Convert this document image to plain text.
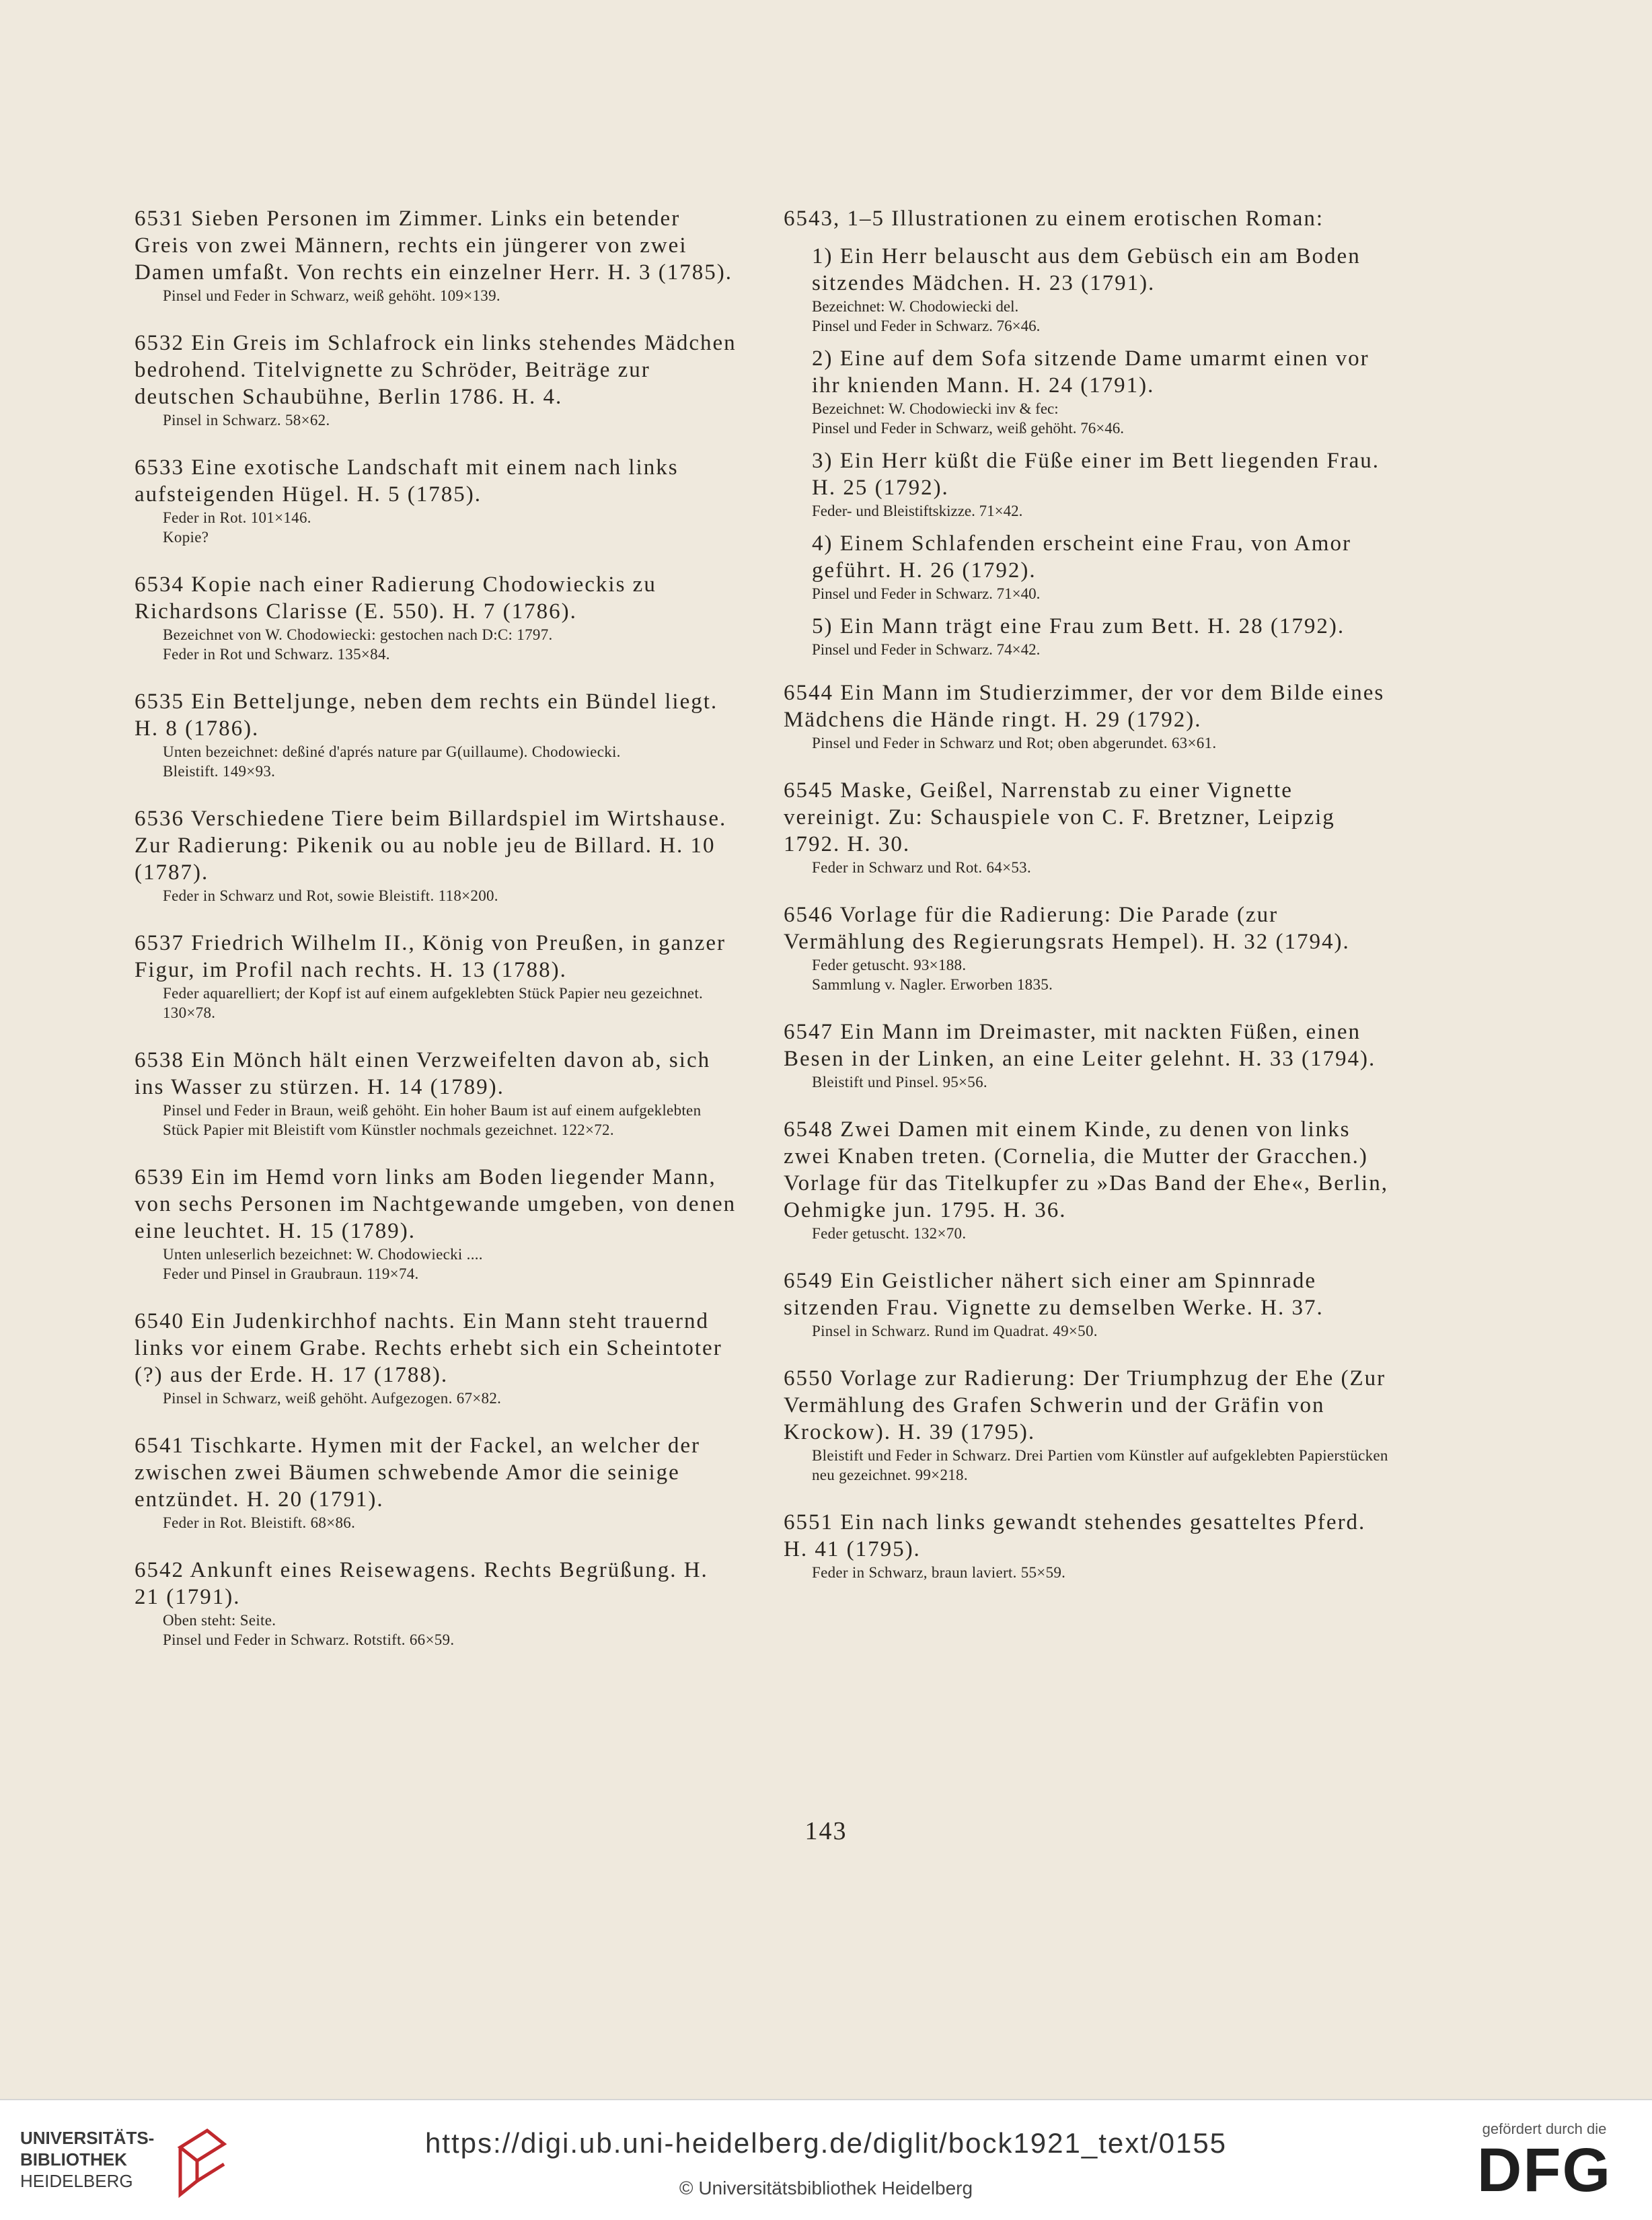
6531 Sieben Personen im Zimmer. Links ein betender Greis von zwei Männern, rechts ein jüngerer von zwei Damen umfaßt. Von rechts ein einzelner Herr. H. 3 (1785).

Pinsel und Feder in Schwarz, weiß gehöht. 109×139.

6532 Ein Greis im Schlafrock ein links stehendes Mädchen bedrohend. Titelvignette zu Schröder, Beiträge zur deutschen Schaubühne, Berlin 1786. H. 4.

Pinsel in Schwarz. 58×62.

6533 Eine exotische Landschaft mit einem nach links aufsteigenden Hügel. H. 5 (1785).

Feder in Rot. 101×146.

Kopie?

6534 Kopie nach einer Radierung Chodowieckis zu Richardsons Clarisse (E. 550). H. 7 (1786).

Bezeichnet von W. Chodowiecki: gestochen nach D:C: 1797.

Feder in Rot und Schwarz. 135×84.

6535 Ein Betteljunge, neben dem rechts ein Bündel liegt. H. 8 (1786).

Unten bezeichnet: deßiné d'aprés nature par G(uillaume). Chodowiecki.

Bleistift. 149×93.

6536 Verschiedene Tiere beim Billardspiel im Wirtshause. Zur Radierung: Pikenik ou au noble jeu de Billard. H. 10 (1787).

Feder in Schwarz und Rot, sowie Bleistift. 118×200.

6537 Friedrich Wilhelm II., König von Preußen, in ganzer Figur, im Profil nach rechts. H. 13 (1788).

Feder aquarelliert; der Kopf ist auf einem aufgeklebten Stück Papier neu gezeichnet. 130×78.

6538 Ein Mönch hält einen Verzweifelten davon ab, sich ins Wasser zu stürzen. H. 14 (1789).

Pinsel und Feder in Braun, weiß gehöht. Ein hoher Baum ist auf einem aufgeklebten Stück Papier mit Bleistift vom Künstler nochmals gezeichnet. 122×72.

6539 Ein im Hemd vorn links am Boden liegender Mann, von sechs Personen im Nachtgewande umgeben, von denen eine leuchtet. H. 15 (1789).

Unten unleserlich bezeichnet: W. Chodowiecki ....

Feder und Pinsel in Graubraun. 119×74.

6540 Ein Judenkirchhof nachts. Ein Mann steht trauernd links vor einem Grabe. Rechts erhebt sich ein Scheintoter (?) aus der Erde. H. 17 (1788).

Pinsel in Schwarz, weiß gehöht. Aufgezogen. 67×82.

6541 Tischkarte. Hymen mit der Fackel, an welcher der zwischen zwei Bäumen schwebende Amor die seinige entzündet. H. 20 (1791).

Feder in Rot. Bleistift. 68×86.

6542 Ankunft eines Reisewagens. Rechts Begrüßung. H. 21 (1791).

Oben steht: Seite.

Pinsel und Feder in Schwarz. Rotstift. 66×59.

6543, 1–5 Illustrationen zu einem erotischen Roman:

1) Ein Herr belauscht aus dem Gebüsch ein am Boden sitzendes Mädchen. H. 23 (1791).

Bezeichnet: W. Chodowiecki del.

Pinsel und Feder in Schwarz. 76×46.

2) Eine auf dem Sofa sitzende Dame umarmt einen vor ihr knienden Mann. H. 24 (1791).

Bezeichnet: W. Chodowiecki inv & fec:

Pinsel und Feder in Schwarz, weiß gehöht. 76×46.

3) Ein Herr küßt die Füße einer im Bett liegenden Frau. H. 25 (1792).

Feder- und Bleistiftskizze. 71×42.

4) Einem Schlafenden erscheint eine Frau, von Amor geführt. H. 26 (1792).

Pinsel und Feder in Schwarz. 71×40.

5) Ein Mann trägt eine Frau zum Bett. H. 28 (1792).

Pinsel und Feder in Schwarz. 74×42.

6544 Ein Mann im Studierzimmer, der vor dem Bilde eines Mädchens die Hände ringt. H. 29 (1792).

Pinsel und Feder in Schwarz und Rot; oben abgerundet. 63×61.

6545 Maske, Geißel, Narrenstab zu einer Vignette vereinigt. Zu: Schauspiele von C. F. Bretzner, Leipzig 1792. H. 30.

Feder in Schwarz und Rot. 64×53.

6546 Vorlage für die Radierung: Die Parade (zur Vermählung des Regierungsrats Hempel). H. 32 (1794).

Feder getuscht. 93×188.

Sammlung v. Nagler. Erworben 1835.

6547 Ein Mann im Dreimaster, mit nackten Füßen, einen Besen in der Linken, an eine Leiter gelehnt. H. 33 (1794).

Bleistift und Pinsel. 95×56.

6548 Zwei Damen mit einem Kinde, zu denen von links zwei Knaben treten. (Cornelia, die Mutter der Gracchen.) Vorlage für das Titelkupfer zu »Das Band der Ehe«, Berlin, Oehmigke jun. 1795. H. 36.

Feder getuscht. 132×70.

6549 Ein Geistlicher nähert sich einer am Spinnrade sitzenden Frau. Vignette zu demselben Werke. H. 37.

Pinsel in Schwarz. Rund im Quadrat. 49×50.

6550 Vorlage zur Radierung: Der Triumphzug der Ehe (Zur Vermählung des Grafen Schwerin und der Gräfin von Krockow). H. 39 (1795).

Bleistift und Feder in Schwarz. Drei Partien vom Künstler auf aufgeklebten Papierstücken neu gezeichnet. 99×218.

6551 Ein nach links gewandt stehendes gesatteltes Pferd. H. 41 (1795).

Feder in Schwarz, braun laviert. 55×59.

143
UNIVERSITÄTS-
BIBLIOTHEK
HEIDELBERG
https://digi.ub.uni-heidelberg.de/diglit/bock1921_text/0155
© Universitätsbibliothek Heidelberg
gefördert durch die
DFG
